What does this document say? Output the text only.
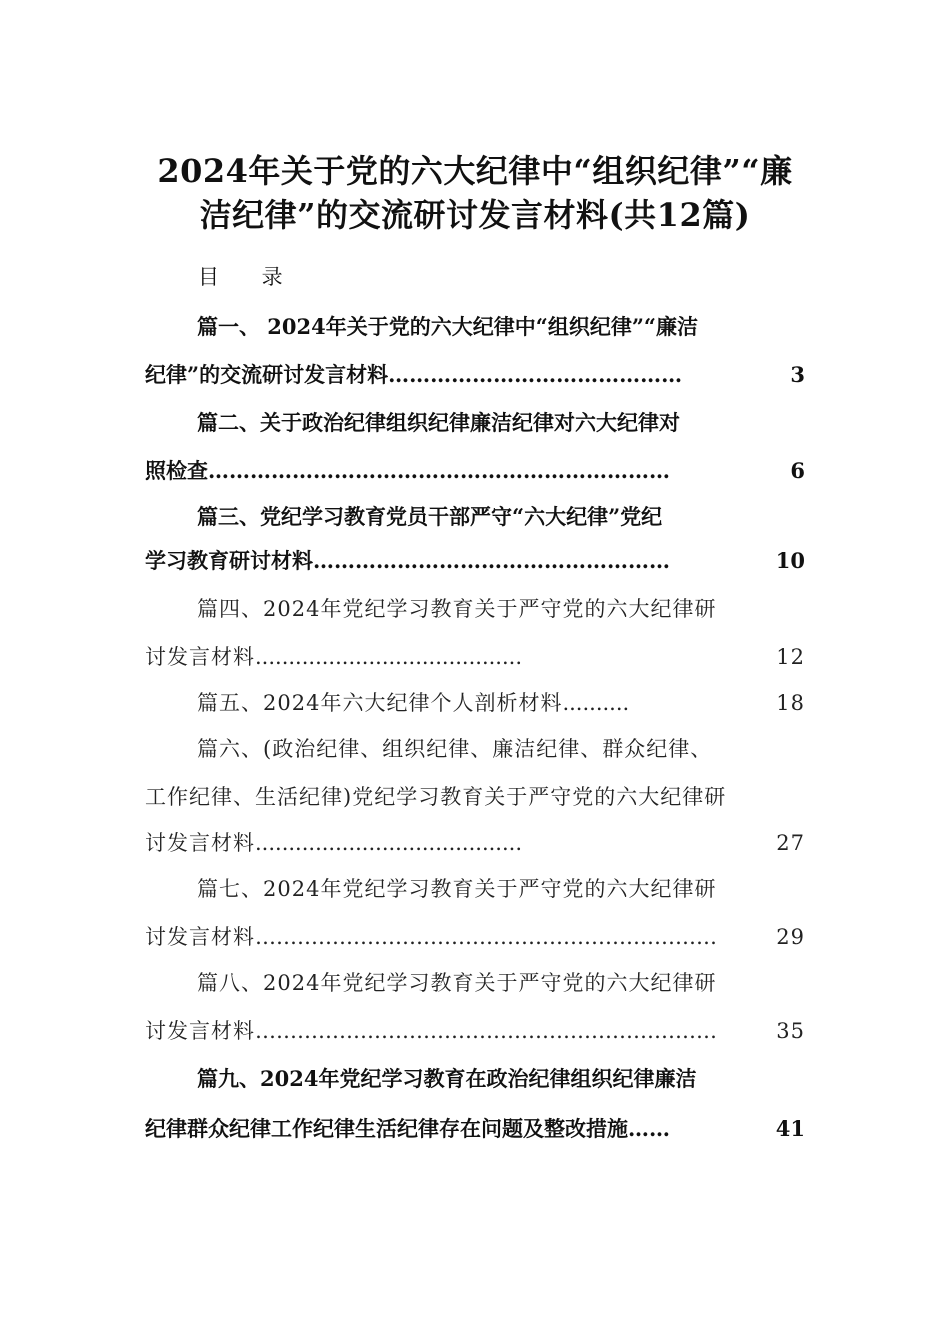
2024年关于党的六大纪律中“组织纪律”“廉
洁纪律”的交流研讨发言材料(共12篇)
目 录
篇一、 2024年关于党的六大纪律中“组织纪律”“廉洁
纪律”的交流研讨发言材料 ……………………………………	3
篇二、关于政治纪律组织纪律廉洁纪律对六大纪律对
照检查 …………………………………………………………	6
篇三、党纪学习教育党员干部严守“六大纪律”党纪
学习教育研讨材料 ……………………………………………	10
篇四、2024年党纪学习教育关于严守党的六大纪律研
讨发言材料 ........................................	12
篇五、2024年六大纪律个人剖析材料 ..........	18
篇六、(政治纪律、组织纪律、廉洁纪律、群众纪律、
工作纪律、生活纪律)党纪学习教育关于严守党的六大纪律研
讨发言材料 ........................................	27
篇七、2024年党纪学习教育关于严守党的六大纪律研
讨发言材料 …………………………………………………………	29
篇八、2024年党纪学习教育关于严守党的六大纪律研
讨发言材料 …………………………………………………………	35
篇九、2024年党纪学习教育在政治纪律组织纪律廉洁
纪律群众纪律工作纪律生活纪律存在问题及整改措施 ……	41
